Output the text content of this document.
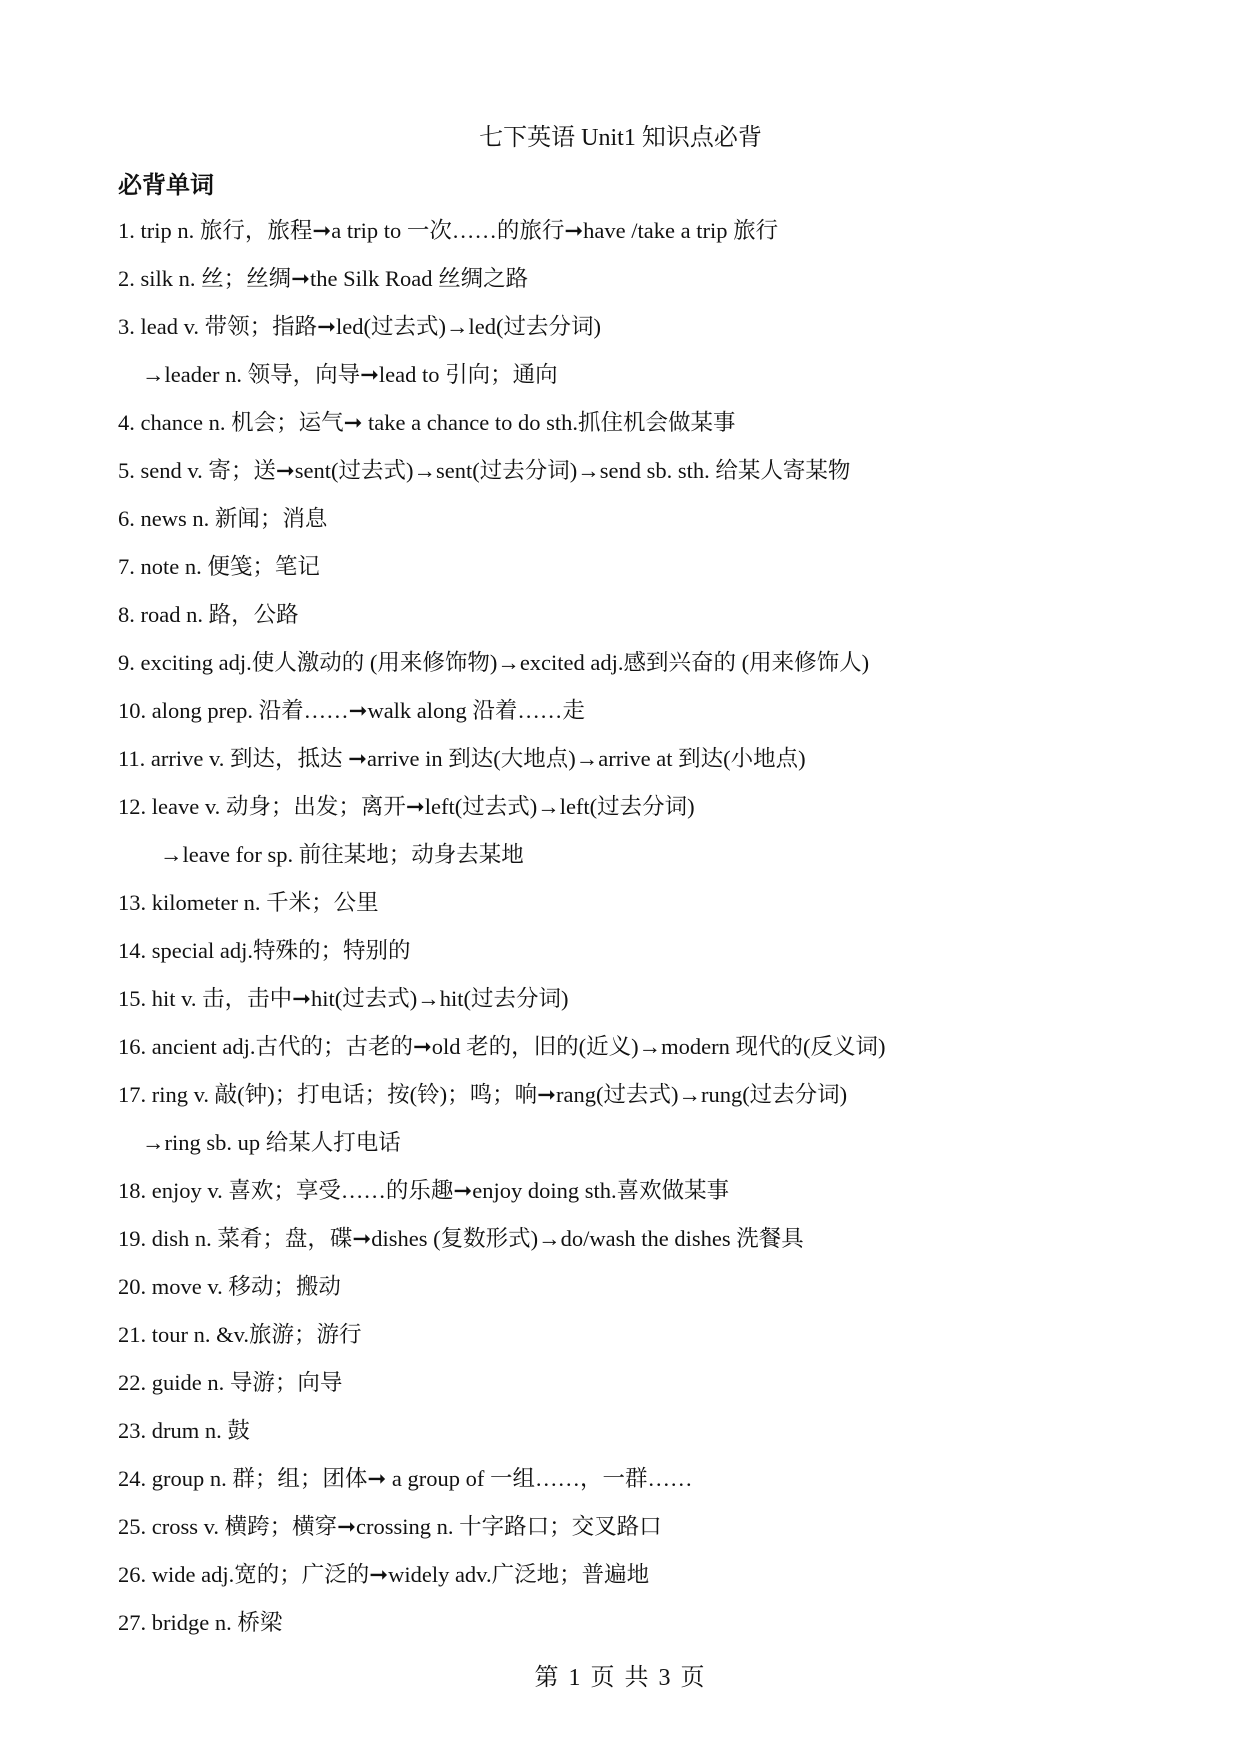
七下英语 Unit1 知识点必背
必背单词
1. trip n. 旅行，旅程➞a trip to 一次……的旅行➞have /take a trip 旅行
2. silk n. 丝；丝绸➞the Silk Road 丝绸之路
3. lead v. 带领；指路➞led(过去式)→led(过去分词)
→leader n. 领导，向导➞lead to 引向；通向
4. chance n. 机会；运气➞ take a chance to do sth.抓住机会做某事
5. send v. 寄；送➞sent(过去式)→sent(过去分词)→send sb. sth. 给某人寄某物
6. news n. 新闻；消息
7. note n. 便笺；笔记
8. road n. 路，公路
9. exciting adj.使人激动的 (用来修饰物)→excited adj.感到兴奋的 (用来修饰人)
10. along prep. 沿着……➞walk along 沿着……走
11. arrive v. 到达，抵达 ➞arrive in 到达(大地点)→arrive at 到达(小地点)
12. leave v. 动身；出发；离开➞left(过去式)→left(过去分词)
→leave for sp. 前往某地；动身去某地
13. kilometer n. 千米；公里
14. special adj.特殊的；特别的
15. hit v. 击，击中➞hit(过去式)→hit(过去分词)
16. ancient adj.古代的；古老的➞old 老的，旧的(近义)→modern 现代的(反义词)
17. ring v. 敲(钟)；打电话；按(铃)；鸣；响➞rang(过去式)→rung(过去分词)
→ring sb. up 给某人打电话
18. enjoy v. 喜欢；享受……的乐趣➞enjoy doing sth.喜欢做某事
19. dish n. 菜肴；盘，碟➞dishes (复数形式)→do/wash the dishes 洗餐具
20. move v. 移动；搬动
21. tour n. &v.旅游；游行
22. guide n. 导游；向导
23. drum n. 鼓
24. group n. 群；组；团体➞ a group of 一组……，一群……
25. cross v. 横跨；横穿➞crossing n. 十字路口；交叉路口
26. wide adj.宽的；广泛的➞widely adv.广泛地；普遍地
27. bridge n. 桥梁
第 1 页 共 3 页
